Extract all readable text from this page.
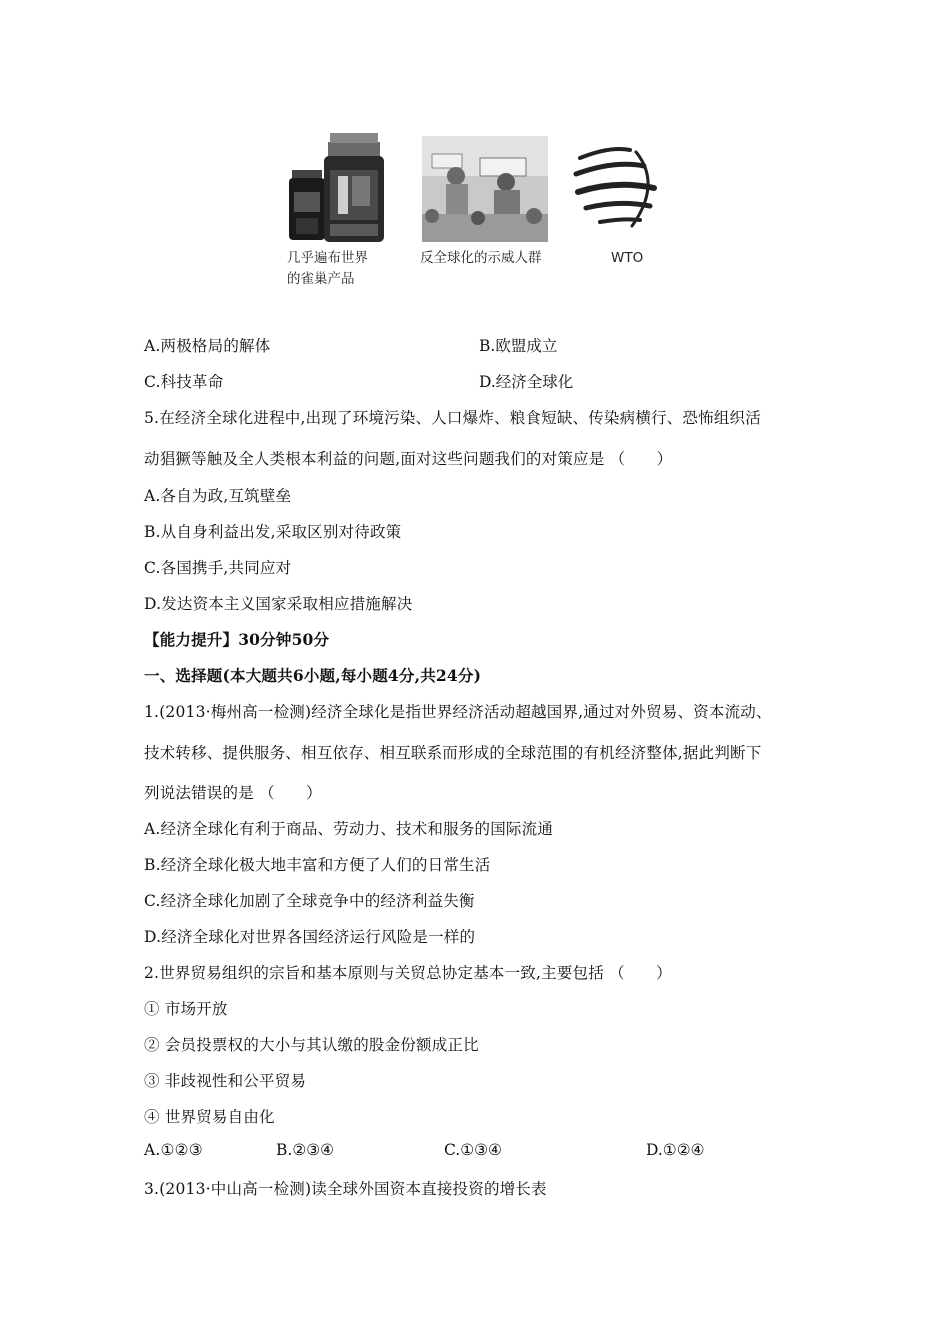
几乎遍布世界
的雀巢产品
反全球化的示威人群	WTO
A.两极格局的解体	B.欧盟成立
C.科技革命	D.经济全球化
5.在经济全球化进程中,出现了环境污染、人口爆炸、粮食短缺、传染病横行、恐怖组织活
动猖獗等触及全人类根本利益的问题,面对这些问题我们的对策应是 （　　）
A.各自为政,互筑壁垒
B.从自身利益出发,采取区别对待政策
C.各国携手,共同应对
D.发达资本主义国家采取相应措施解决
【能力提升】30分钟50分
一、选择题(本大题共6小题,每小题4分,共24分)
1.(2013·梅州高一检测)经济全球化是指世界经济活动超越国界,通过对外贸易、资本流动、
技术转移、提供服务、相互依存、相互联系而形成的全球范围的有机经济整体,据此判断下
列说法错误的是 （　　）
A.经济全球化有利于商品、劳动力、技术和服务的国际流通
B.经济全球化极大地丰富和方便了人们的日常生活
C.经济全球化加剧了全球竞争中的经济利益失衡
D.经济全球化对世界各国经济运行风险是一样的
2.世界贸易组织的宗旨和基本原则与关贸总协定基本一致,主要包括 （　　）
① 市场开放
② 会员投票权的大小与其认缴的股金份额成正比
③ 非歧视性和公平贸易
④ 世界贸易自由化
A.①②③	B.②③④	C.①③④	D.①②④
3.(2013·中山高一检测)读全球外国资本直接投资的增长表
